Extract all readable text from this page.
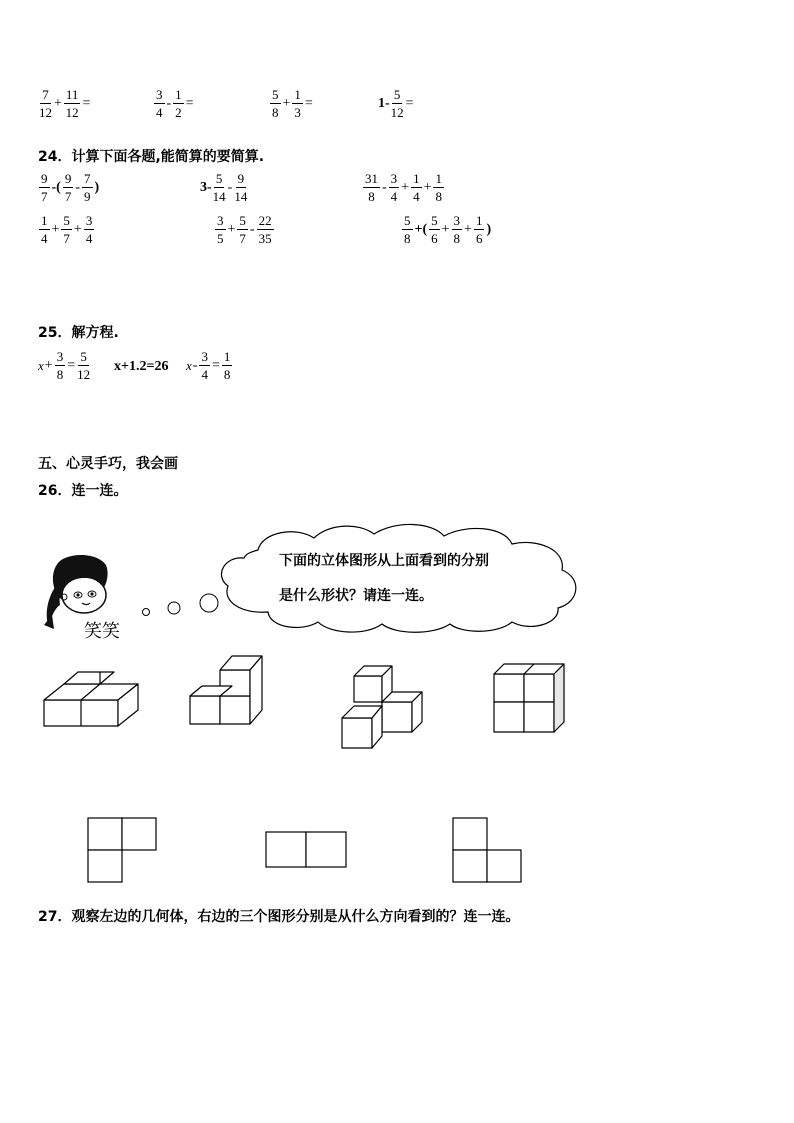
$\frac{7}{12} + \frac{11}{12}$ =	$\frac{3}{4} - \frac{1}{2}$ =	$\frac{5}{8} + \frac{1}{3}$ =	$1- \frac{5}{12}$ =
24．计算下面各题,能简算的要简算.
$\frac{9}{7}$ -( $\frac{9}{7} - \frac{7}{9}$ )	$3- \frac{5}{14} - \frac{9}{14}$	$\frac{31}{8} - \frac{3}{4} + \frac{1}{4} + \frac{1}{8}$
$\frac{1}{4} + \frac{5}{7} + \frac{3}{4}$	$\frac{3}{5} + \frac{5}{7} - \frac{22}{35}$	$\frac{5}{8}$ +( $\frac{5}{6} + \frac{3}{8} + \frac{1}{6}$ )
25．解方程.
$x + \frac{3}{8} = \frac{5}{12} x+1.2=26$ $x - \frac{3}{4} = \frac{1}{8}$
五、心灵手巧，我会画
26．连一连。
笑笑
下面的立体图形从上面看到的分别
是什么形状？请连一连。
27．观察左边的几何体，右边的三个图形分别是从什么方向看到的？连一连。
